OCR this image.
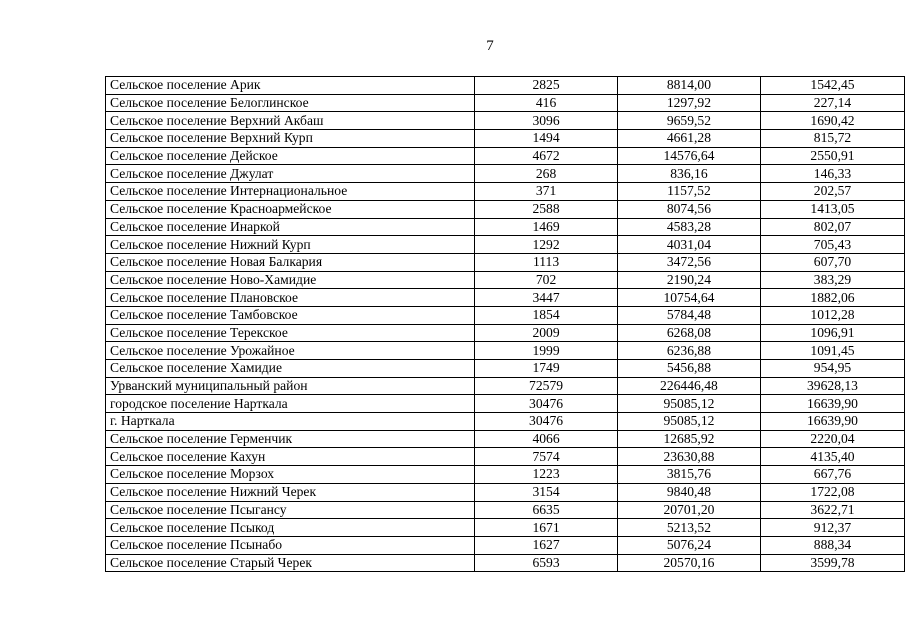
7
Сельское поселение Арик	2825	8814,00	1542,45
Сельское поселение Белоглинское	416	1297,92	227,14
Сельское поселение Верхний Акбаш	3096	9659,52	1690,42
Сельское поселение Верхний Курп	1494	4661,28	815,72
Сельское поселение Дейское	4672	14576,64	2550,91
Сельское поселение Джулат	268	836,16	146,33
Сельское поселение Интернациональное	371	1157,52	202,57
Сельское поселение Красноармейское	2588	8074,56	1413,05
Сельское поселение Инаркой	1469	4583,28	802,07
Сельское поселение Нижний Курп	1292	4031,04	705,43
Сельское поселение Новая Балкария	1113	3472,56	607,70
Сельское поселение Ново-Хамидие	702	2190,24	383,29
Сельское поселение Плановское	3447	10754,64	1882,06
Сельское поселение Тамбовское	1854	5784,48	1012,28
Сельское поселение Терекское	2009	6268,08	1096,91
Сельское поселение Урожайное	1999	6236,88	1091,45
Сельское поселение Хамидие	1749	5456,88	954,95
Урванский муниципальный район	72579	226446,48	39628,13
городское поселение Нарткала	30476	95085,12	16639,90
г. Нарткала	30476	95085,12	16639,90
Сельское поселение Герменчик	4066	12685,92	2220,04
Сельское поселение Кахун	7574	23630,88	4135,40
Сельское поселение Морзох	1223	3815,76	667,76
Сельское поселение Нижний Черек	3154	9840,48	1722,08
Сельское поселение Псыгансу	6635	20701,20	3622,71
Сельское поселение Псыкод	1671	5213,52	912,37
Сельское поселение Псынабо	1627	5076,24	888,34
Сельское поселение Старый Черек	6593	20570,16	3599,78
